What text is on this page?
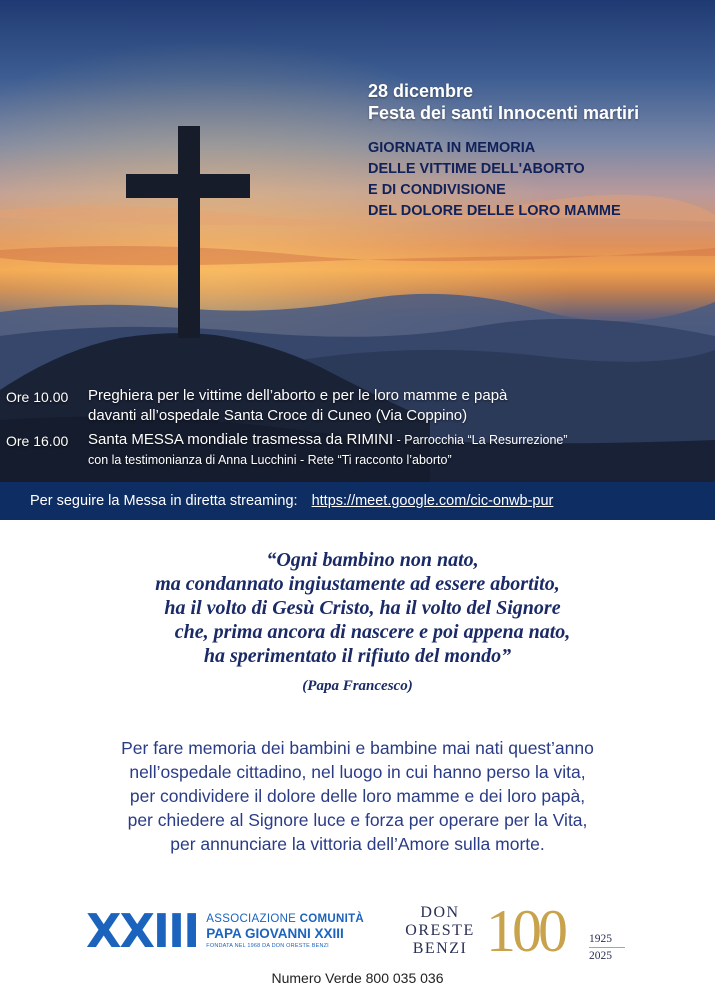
28 dicembre
Festa dei santi Innocenti martiri
GIORNATA IN MEMORIA
DELLE VITTIME DELL'ABORTO
E DI CONDIVISIONE
DEL DOLORE DELLE LORO MAMME
Ore 10.00	Preghiera per le vittime dell’aborto e per le loro mamme e papà
davanti all’ospedale Santa Croce di Cuneo (Via Coppino)
Ore 16.00	Santa MESSA mondiale trasmessa da RIMINI - Parrocchia “La Resurrezione”
con la testimonianza di Anna Lucchini - Rete “Ti racconto l’aborto”
Per seguire la Messa in diretta streaming: https://meet.google.com/cic-onwb-pur
“Ogni bambino non nato,
ma condannato ingiustamente ad essere abortito,
ha il volto di Gesù Cristo, ha il volto del Signore
che, prima ancora di nascere e poi appena nato,
ha sperimentato il rifiuto del mondo”
(Papa Francesco)
Per fare memoria dei bambini e bambine mai nati quest’anno
nell’ospedale cittadino, nel luogo in cui hanno perso la vita,
per condividere il dolore delle loro mamme e dei loro papà,
per chiedere al Signore luce e forza per operare per la Vita,
per annunciare la vittoria dell’Amore sulla morte.
XXIII ASSOCIAZIONE COMUNITÀ
PAPA GIOVANNI XXIII
FONDATA NEL 1968 DA DON ORESTE BENZI
DON
ORESTE
BENZI 100 1925
2025
Numero Verde 800 035 036
